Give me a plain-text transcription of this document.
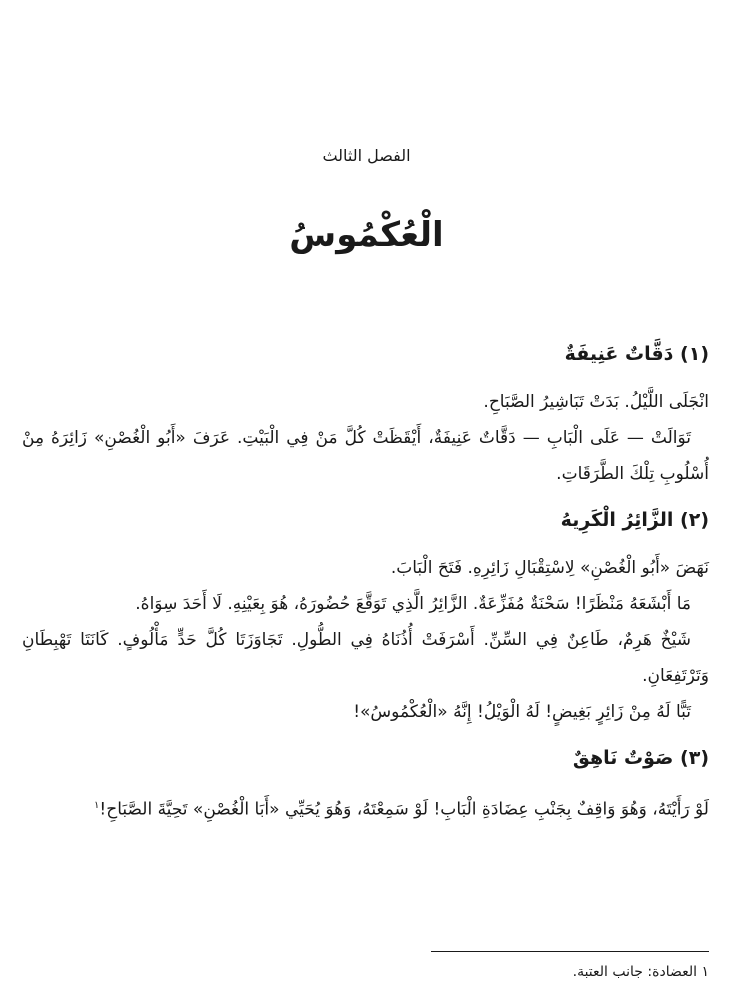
الفصل الثالث
الْعُكْمُوسُ
(١) دَقَّاتٌ عَنِيفَةٌ

انْجَلَى اللَّيْلُ. بَدَتْ تَبَاشِيرُ الصَّبَاحِ.

تَوَالَتْ — عَلَى الْبَابِ — دَقَّاتٌ عَنِيفَةٌ، أَيْقَظَتْ كُلَّ مَنْ فِي الْبَيْتِ. عَرَفَ «أَبُو الْغُصْنِ» زَائِرَهُ مِنْ أُسْلُوبِ تِلْكَ الطَّرَقَاتِ.

(٢) الزَّائِرُ الْكَرِيهُ

نَهَضَ «أَبُو الْغُصْنِ» لِاسْتِقْبَالِ زَائِرِهِ. فَتَحَ الْبَابَ.

مَا أَبْشَعَهُ مَنْظَرًا! سَحْنَةٌ مُفَزِّعَةٌ. الزَّائِرُ الَّذِي تَوَقَّعَ حُضُورَهُ، هُوَ بِعَيْنِهِ. لَا أَحَدَ سِوَاهُ.

شَيْخٌ هَرِمٌ، طَاعِنٌ فِي السِّنِّ. أَسْرَفَتْ أُذُنَاهُ فِي الطُّولِ. تَجَاوَزَتَا كُلَّ حَدٍّ مَأْلُوفٍ. كَانَتَا تَهْبِطَانِ وَتَرْتَفِعَانِ.

تَبًّا لَهُ مِنْ زَائِرٍ بَغِيضٍ! لَهُ الْوَيْلُ! إِنَّهُ «الْعُكْمُوسُ»!

(٣) صَوْتٌ نَاهِقٌ

لَوْ رَأَيْتَهُ، وَهُوَ وَاقِفٌ بِجَنْبِ عِضَادَةِ الْبَابِ! لَوْ سَمِعْتَهُ، وَهُوَ يُحَيِّي «أَبَا الْغُصْنِ» تَحِيَّةَ الصَّبَاحِ!$^١$

١ العضادة: جانب العتبة.
